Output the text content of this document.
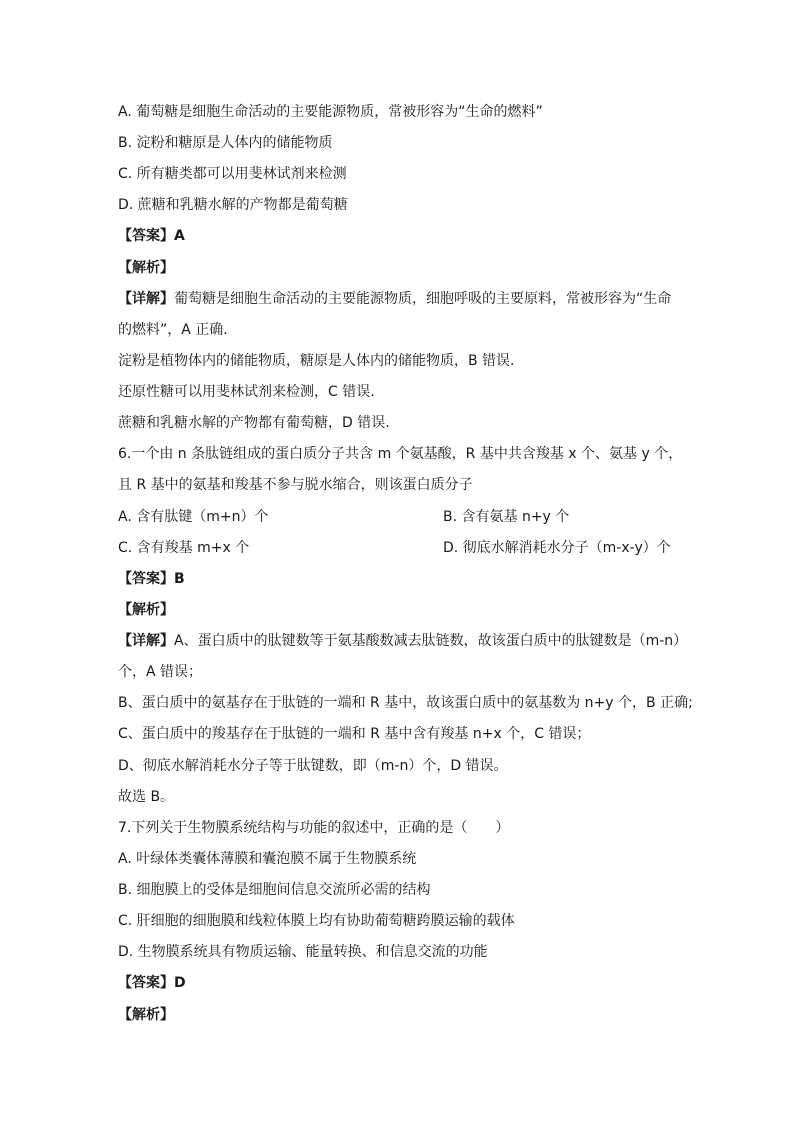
A. 葡萄糖是细胞生命活动的主要能源物质，常被形容为“生命的燃料”
B. 淀粉和糖原是人体内的储能物质
C. 所有糖类都可以用斐林试剂来检测
D. 蔗糖和乳糖水解的产物都是葡萄糖
【答案】A
【解析】
【详解】葡萄糖是细胞生命活动的主要能源物质，细胞呼吸的主要原料，常被形容为“生命
的燃料”，A 正确.
淀粉是植物体内的储能物质，糖原是人体内的储能物质，B 错误.
还原性糖可以用斐林试剂来检测，C 错误.
蔗糖和乳糖水解的产物都有葡萄糖，D 错误.
6.一个由 n 条肽链组成的蛋白质分子共含 m 个氨基酸，R 基中共含羧基 x 个、氨基 y 个，
且 R 基中的氨基和羧基不参与脱水缩合，则该蛋白质分子
A. 含有肽键（m+n）个	B. 含有氨基 n+y 个
C. 含有羧基 m+x 个	D. 彻底水解消耗水分子（m-x-y）个
【答案】B
【解析】
【详解】A、蛋白质中的肽键数等于氨基酸数减去肽链数，故该蛋白质中的肽键数是（m-n）
个，A 错误；
B、蛋白质中的氨基存在于肽链的一端和 R 基中，故该蛋白质中的氨基数为 n+y 个，B 正确;
C、蛋白质中的羧基存在于肽链的一端和 R 基中含有羧基 n+x 个，C 错误；
D、彻底水解消耗水分子等于肽键数，即（m-n）个，D 错误。
故选 B。
7.下列关于生物膜系统结构与功能的叙述中，正确的是（　　）
A. 叶绿体类囊体薄膜和囊泡膜不属于生物膜系统
B. 细胞膜上的受体是细胞间信息交流所必需的结构
C. 肝细胞的细胞膜和线粒体膜上均有协助葡萄糖跨膜运输的载体
D. 生物膜系统具有物质运输、能量转换、和信息交流的功能
【答案】D
【解析】
